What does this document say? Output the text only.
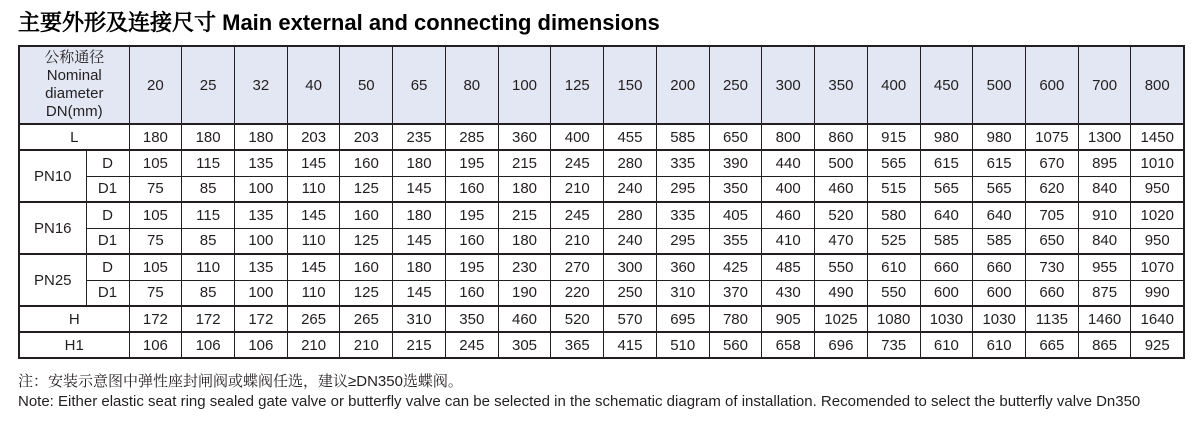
主要外形及连接尺寸 Main external and connecting dimensions
公称通径
Nominal
diameter
DN(mm)		20	25	32	40	50	65	80	100	125	150	200	250	300	350	400	450	500	600	700	800
L		180	180	180	203	203	235	285	360	400	455	585	650	800	860	915	980	980	1075	1300	1450
PN10	D	105	115	135	145	160	180	195	215	245	280	335	390	440	500	565	615	615	670	895	1010
	D1	75	85	100	110	125	145	160	180	210	240	295	350	400	460	515	565	565	620	840	950
PN16	D	105	115	135	145	160	180	195	215	245	280	335	405	460	520	580	640	640	705	910	1020
	D1	75	85	100	110	125	145	160	180	210	240	295	355	410	470	525	585	585	650	840	950
PN25	D	105	110	135	145	160	180	195	230	270	300	360	425	485	550	610	660	660	730	955	1070
	D1	75	85	100	110	125	145	160	190	220	250	310	370	430	490	550	600	600	660	875	990
H		172	172	172	265	265	310	350	460	520	570	695	780	905	1025	1080	1030	1030	1135	1460	1640
H1		106	106	106	210	210	215	245	305	365	415	510	560	658	696	735	610	610	665	865	925
注：安装示意图中弹性座封闸阀或蝶阀任选，建议≥DN350选蝶阀。
Note: Either elastic seat ring sealed gate valve or butterfly valve can be selected in the schematic diagram of installation. Recomended to select the butterfly valve Dn350
